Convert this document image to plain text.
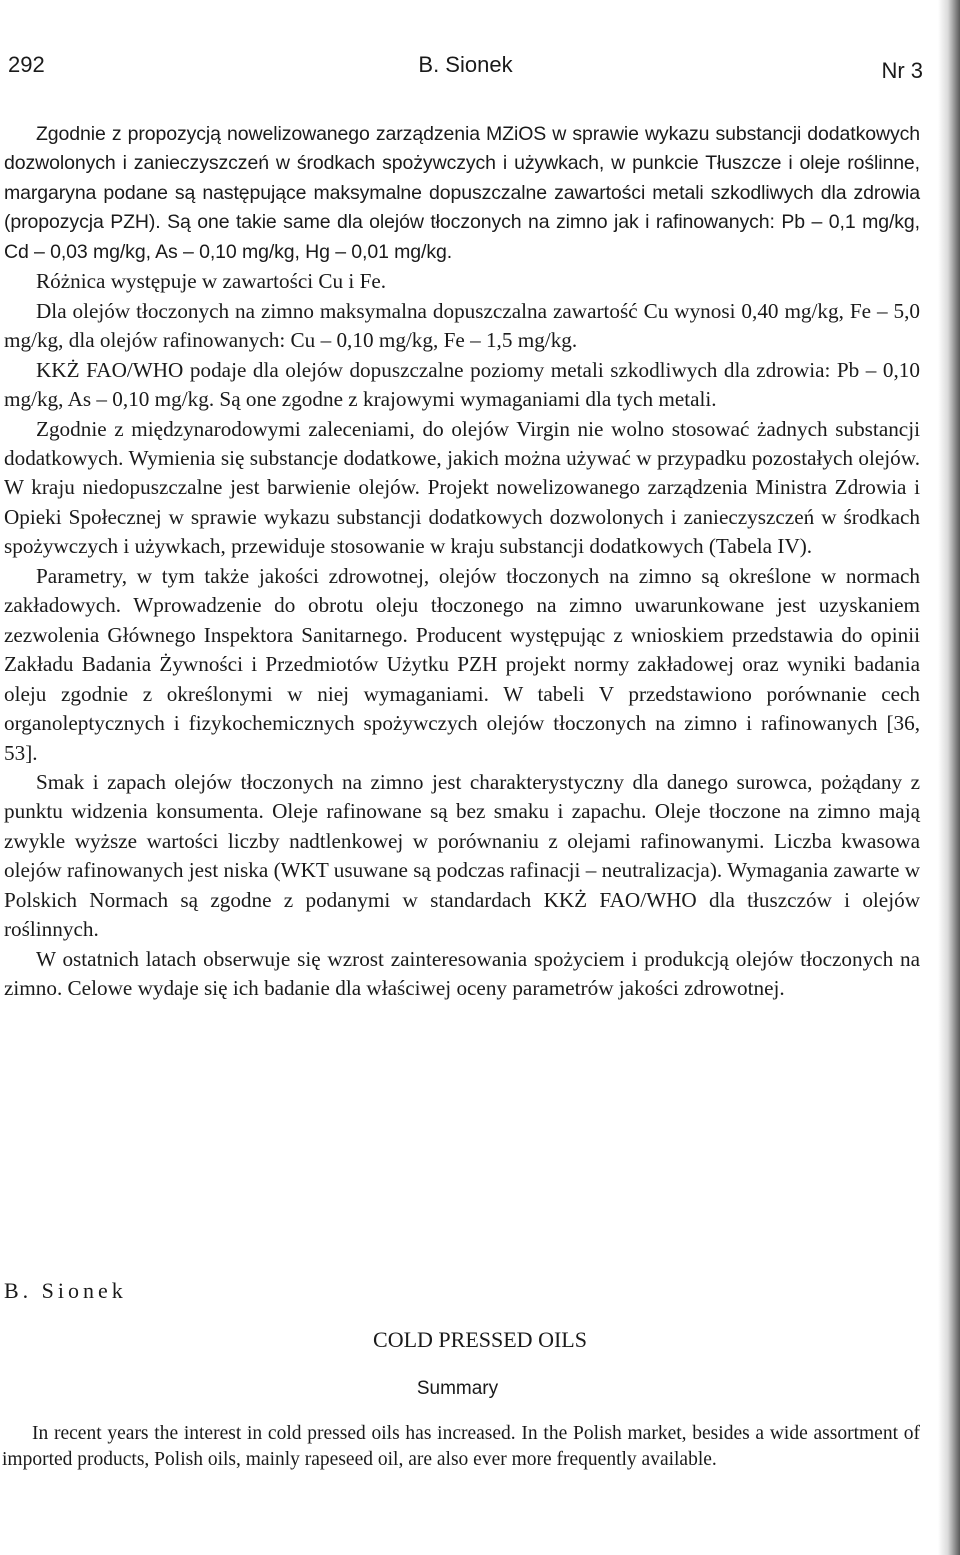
292	B. Sionek	Nr 3

Zgodnie z propozycją nowelizowanego zarządzenia MZiOS w sprawie wykazu substancji dodatkowych dozwolonych i zanieczyszczeń w środkach spożywczych i używkach, w punkcie Tłuszcze i oleje roślinne, margaryna podane są następujące maksymalne dopuszczalne zawartości metali szkodliwych dla zdrowia (propozycja PZH). Są one takie same dla olejów tłoczonych na zimno jak i rafinowanych: Pb – 0,1 mg/kg, Cd – 0,03 mg/kg, As – 0,10 mg/kg, Hg – 0,01 mg/kg.

Różnica występuje w zawartości Cu i Fe.

Dla olejów tłoczonych na zimno maksymalna dopuszczalna zawartość Cu wynosi 0,40 mg/kg, Fe – 5,0 mg/kg, dla olejów rafinowanych: Cu – 0,10 mg/kg, Fe – 1,5 mg/kg.

KKŻ FAO/WHO podaje dla olejów dopuszczalne poziomy metali szkodliwych dla zdrowia: Pb – 0,10 mg/kg, As – 0,10 mg/kg. Są one zgodne z krajowymi wymaganiami dla tych metali.

Zgodnie z międzynarodowymi zaleceniami, do olejów Virgin nie wolno stosować żadnych substancji dodatkowych. Wymienia się substancje dodatkowe, jakich można używać w przypadku pozostałych olejów. W kraju niedopuszczalne jest barwienie olejów. Projekt nowelizowanego zarządzenia Ministra Zdrowia i Opieki Społecznej w sprawie wykazu substancji dodatkowych dozwolonych i zanieczyszczeń w środkach spożywczych i używkach, przewiduje stosowanie w kraju substancji dodatkowych (Tabela IV).

Parametry, w tym także jakości zdrowotnej, olejów tłoczonych na zimno są określone w normach zakładowych. Wprowadzenie do obrotu oleju tłoczonego na zimno uwarunkowane jest uzyskaniem zezwolenia Głównego Inspektora Sanitarnego. Producent występując z wnioskiem przedstawia do opinii Zakładu Badania Żywności i Przedmiotów Użytku PZH projekt normy zakładowej oraz wyniki badania oleju zgodnie z określonymi w niej wymaganiami. W tabeli V przedstawiono porównanie cech organoleptycznych i fizykochemicznych spożywczych olejów tłoczonych na zimno i rafinowanych [36, 53].

Smak i zapach olejów tłoczonych na zimno jest charakterystyczny dla danego surowca, pożądany z punktu widzenia konsumenta. Oleje rafinowane są bez smaku i zapachu. Oleje tłoczone na zimno mają zwykle wyższe wartości liczby nadtlenkowej w porównaniu z olejami rafinowanymi. Liczba kwasowa olejów rafinowanych jest niska (WKT usuwane są podczas rafinacji – neutralizacja). Wymagania zawarte w Polskich Normach są zgodne z podanymi w standardach KKŻ FAO/WHO dla tłuszczów i olejów roślinnych.

W ostatnich latach obserwuje się wzrost zainteresowania spożyciem i produkcją olejów tłoczonych na zimno. Celowe wydaje się ich badanie dla właściwej oceny parametrów jakości zdrowotnej.

B. Sionek
COLD PRESSED OILS
Summary

In recent years the interest in cold pressed oils has increased. In the Polish market, besides a wide assortment of imported products, Polish oils, mainly rapeseed oil, are also ever more frequently available.
